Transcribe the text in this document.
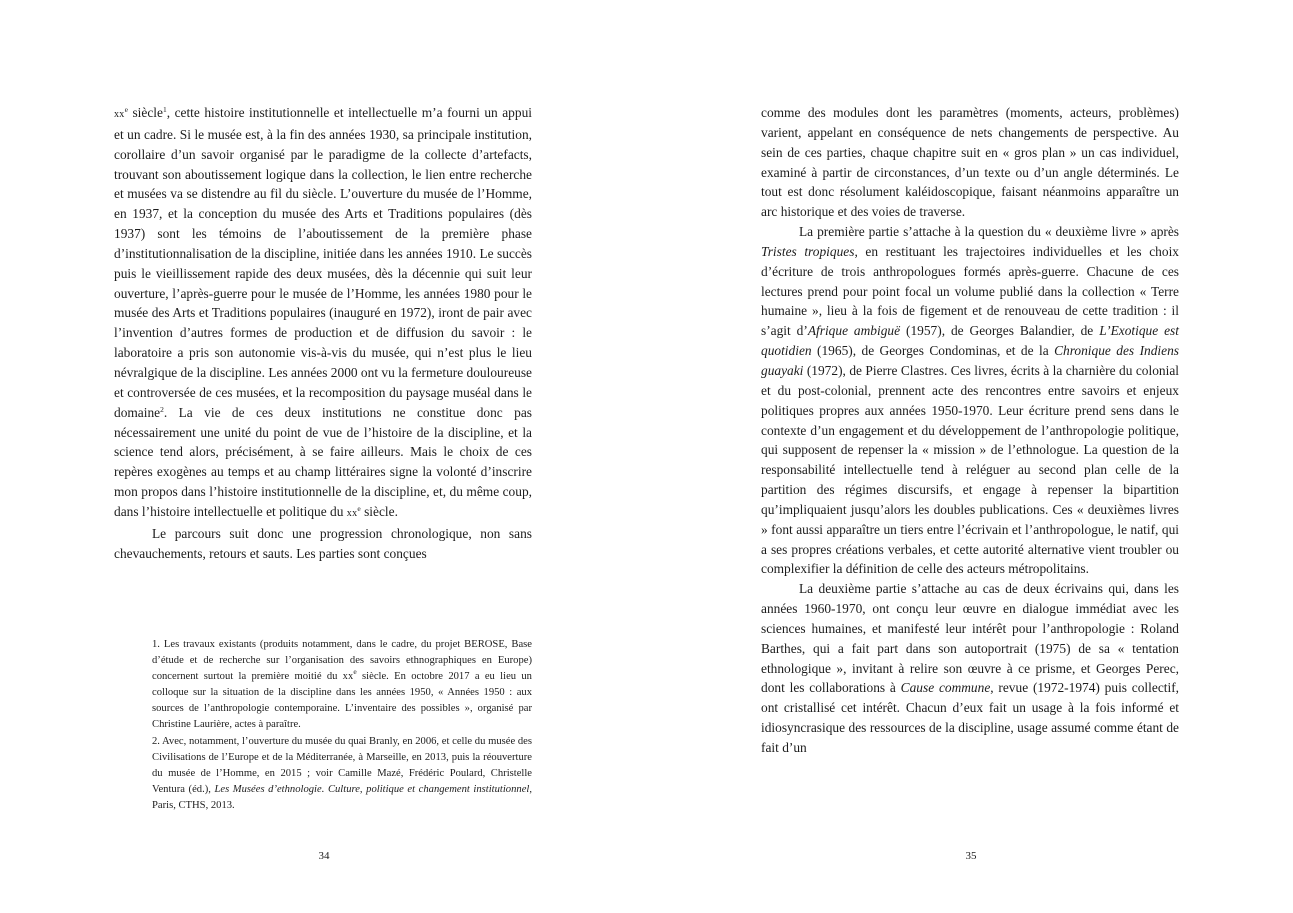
$xx^e$ siècle$^1$, cette histoire institutionnelle et intellectuelle m’a fourni un appui et un cadre. Si le musée est, à la fin des années 1930, sa principale institution, corollaire d’un savoir organisé par le paradigme de la collecte d’artefacts, trouvant son aboutissement logique dans la collection, le lien entre recherche et musées va se distendre au fil du siècle. L’ouverture du musée de l’Homme, en 1937, et la conception du musée des Arts et Traditions populaires (dès 1937) sont les témoins de l’aboutissement de la première phase d’institutionnalisation de la discipline, initiée dans les années 1910. Le succès puis le vieillissement rapide des deux musées, dès la décennie qui suit leur ouverture, l’après-guerre pour le musée de l’Homme, les années 1980 pour le musée des Arts et Traditions populaires (inauguré en 1972), iront de pair avec l’invention d’autres formes de production et de diffusion du savoir : le laboratoire a pris son autonomie vis-à-vis du musée, qui n’est plus le lieu névralgique de la discipline. Les années 2000 ont vu la fermeture douloureuse et controversée de ces musées, et la recomposition du paysage muséal dans le domaine$^2$. La vie de ces deux institutions ne constitue donc pas nécessairement une unité du point de vue de l’histoire de la discipline, et la science tend alors, précisément, à se faire ailleurs. Mais le choix de ces repères exogènes au temps et au champ littéraires signe la volonté d’inscrire mon propos dans l’histoire institutionnelle de la discipline, et, du même coup, dans l’histoire intellectuelle et politique du $xx^e$ siècle.

Le parcours suit donc une progression chronologique, non sans chevauchements, retours et sauts. Les parties sont conçues

1. Les travaux existants (produits notamment, dans le cadre, du projet BEROSE, Base d’étude et de recherche sur l’organisation des savoirs ethnographiques en Europe) concernent surtout la première moitié du $xx^e$ siècle. En octobre 2017 a eu lieu un colloque sur la situation de la discipline dans les années 1950, « Années 1950 : aux sources de l’anthropologie contemporaine. L’inventaire des possibles », organisé par Christine Laurière, actes à paraître.

2. Avec, notamment, l’ouverture du musée du quai Branly, en 2006, et celle du musée des Civilisations de l’Europe et de la Méditerranée, à Marseille, en 2013, puis la réouverture du musée de l’Homme, en 2015 ; voir Camille Mazé, Frédéric Poulard, Christelle Ventura (éd.), Les Musées d’ethnologie. Culture, politique et changement institutionnel, Paris, CTHS, 2013.

34

comme des modules dont les paramètres (moments, acteurs, problèmes) varient, appelant en conséquence de nets changements de perspective. Au sein de ces parties, chaque chapitre suit en « gros plan » un cas individuel, examiné à partir de circonstances, d’un texte ou d’un angle déterminés. Le tout est donc résolument kaléidoscopique, faisant néanmoins apparaître un arc historique et des voies de traverse.

La première partie s’attache à la question du « deuxième livre » après Tristes tropiques, en restituant les trajectoires individuelles et les choix d’écriture de trois anthropologues formés après-guerre. Chacune de ces lectures prend pour point focal un volume publié dans la collection « Terre humaine », lieu à la fois de figement et de renouveau de cette tradition : il s’agit d’Afrique ambiguë (1957), de Georges Balandier, de L’Exotique est quotidien (1965), de Georges Condominas, et de la Chronique des Indiens guayaki (1972), de Pierre Clastres. Ces livres, écrits à la charnière du colonial et du post-colonial, prennent acte des rencontres entre savoirs et enjeux politiques propres aux années 1950-1970. Leur écriture prend sens dans le contexte d’un engagement et du développement de l’anthropologie politique, qui supposent de repenser la « mission » de l’ethnologue. La question de la responsabilité intellectuelle tend à reléguer au second plan celle de la partition des régimes discursifs, et engage à repenser la bipartition qu’impliquaient jusqu’alors les doubles publications. Ces « deuxièmes livres » font aussi apparaître un tiers entre l’écrivain et l’anthropologue, le natif, qui a ses propres créations verbales, et cette autorité alternative vient troubler ou complexifier la définition de celle des acteurs métropolitains.

La deuxième partie s’attache au cas de deux écrivains qui, dans les années 1960-1970, ont conçu leur œuvre en dialogue immédiat avec les sciences humaines, et manifesté leur intérêt pour l’anthropologie : Roland Barthes, qui a fait part dans son autoportrait (1975) de sa « tentation ethnologique », invitant à relire son œuvre à ce prisme, et Georges Perec, dont les collaborations à Cause commune, revue (1972-1974) puis collectif, ont cristallisé cet intérêt. Chacun d’eux fait un usage à la fois informé et idiosyncrasique des ressources de la discipline, usage assumé comme étant de fait d’un

35
